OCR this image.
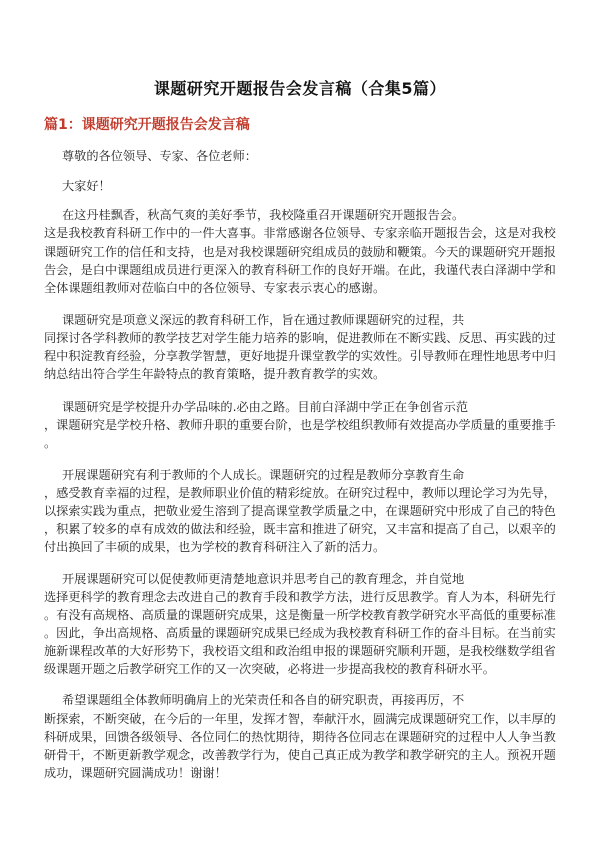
课题研究开题报告会发言稿（合集5篇）
篇1：课题研究开题报告会发言稿
尊敬的各位领导、专家、各位老师：
大家好！
在这丹桂飘香，秋高气爽的美好季节，我校隆重召开课题研究开题报告会。
这是我校教育科研工作中的一件大喜事。非常感谢各位领导、专家亲临开题报告会，这是对我校
课题研究工作的信任和支持，也是对我校课题研究组成员的鼓励和鞭策。今天的课题研究开题报
告会，是白中课题组成员进行更深入的教育科研工作的良好开端。在此，我谨代表白泽湖中学和
全体课题组教师对莅临白中的各位领导、专家表示衷心的感谢。
课题研究是项意义深远的教育科研工作，旨在通过教师课题研究的过程，共
同探讨各学科教师的教学技艺对学生能力培养的影响，促进教师在不断实践、反思、再实践的过
程中积淀教育经验，分享教学智慧，更好地提升课堂教学的实效性。引导教师在理性地思考中归
纳总结出符合学生年龄特点的教育策略，提升教育教学的实效。
课题研究是学校提升办学品味的.必由之路。目前白泽湖中学正在争创省示范
，课题研究是学校升格、教师升职的重要台阶，也是学校组织教师有效提高办学质量的重要推手
。
开展课题研究有利于教师的个人成长。课题研究的过程是教师分享教育生命
，感受教育幸福的过程，是教师职业价值的精彩绽放。在研究过程中，教师以理论学习为先导，
以探索实践为重点，把敬业爱生溶到了提高课堂教学质量之中，在课题研究中形成了自己的特色
，积累了较多的卓有成效的做法和经验，既丰富和推进了研究，又丰富和提高了自己，以艰辛的
付出换回了丰硕的成果，也为学校的教育科研注入了新的活力。
开展课题研究可以促使教师更清楚地意识并思考自己的教育理念，并自觉地
选择更科学的教育理念去改进自己的教育手段和教学方法，进行反思教学。育人为本，科研先行
。有没有高规格、高质量的课题研究成果，这是衡量一所学校教育教学研究水平高低的重要标准
。因此，争出高规格、高质量的课题研究成果已经成为我校教育科研工作的奋斗目标。在当前实
施新课程改革的大好形势下，我校语文组和政治组申报的课题研究顺利开题，是我校继数学组省
级课题开题之后教学研究工作的又一次突破，必将进一步提高我校的教育科研水平。
希望课题组全体教师明确肩上的光荣责任和各自的研究职责，再接再厉，不
断探索，不断突破，在今后的一年里，发挥才智，奉献汗水，圆满完成课题研究工作，以丰厚的
科研成果，回馈各级领导、各位同仁的热忱期待，期待各位同志在课题研究的过程中人人争当教
研骨干，不断更新教学观念，改善教学行为，使自己真正成为教学和教学研究的主人。预祝开题
成功，课题研究圆满成功！谢谢！
